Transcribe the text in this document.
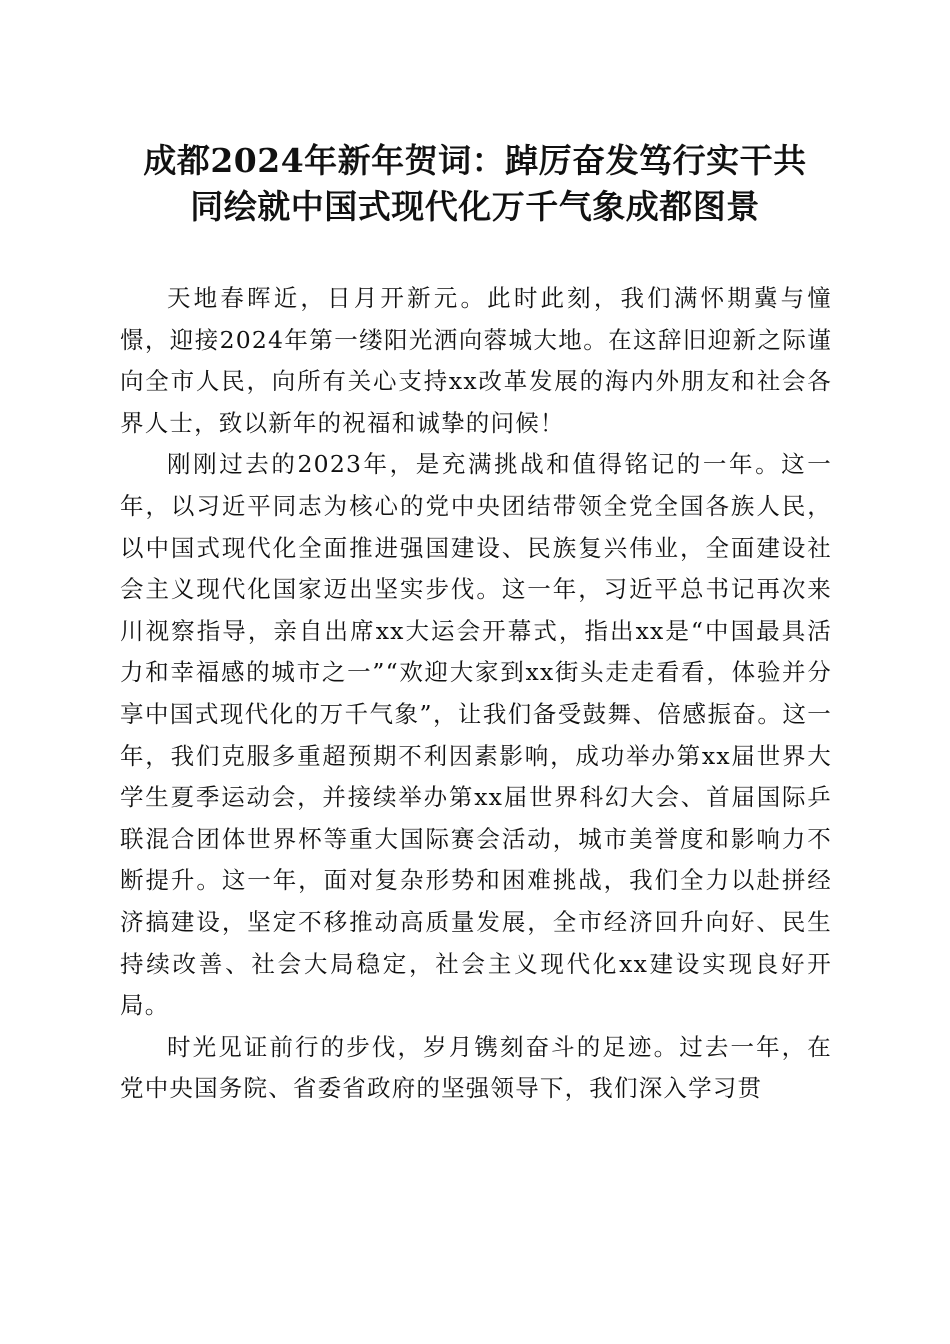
成都2024年新年贺词：踔厉奋发笃行实干共
同绘就中国式现代化万千气象成都图景

天地春晖近，日月开新元。此时此刻，我们满怀期冀与憧憬，迎接2024年第一缕阳光洒向蓉城大地。在这辞旧迎新之际谨向全市人民，向所有关心支持xx改革发展的海内外朋友和社会各界人士，致以新年的祝福和诚挚的问候！

刚刚过去的2023年，是充满挑战和值得铭记的一年。这一年，以习近平同志为核心的党中央团结带领全党全国各族人民，以中国式现代化全面推进强国建设、民族复兴伟业，全面建设社会主义现代化国家迈出坚实步伐。这一年，习近平总书记再次来川视察指导，亲自出席xx大运会开幕式，指出xx是“中国最具活力和幸福感的城市之一”“欢迎大家到xx街头走走看看，体验并分享中国式现代化的万千气象”，让我们备受鼓舞、倍感振奋。这一年，我们克服多重超预期不利因素影响，成功举办第xx届世界大学生夏季运动会，并接续举办第xx届世界科幻大会、首届国际乒联混合团体世界杯等重大国际赛会活动，城市美誉度和影响力不断提升。这一年，面对复杂形势和困难挑战，我们全力以赴拼经济搞建设，坚定不移推动高质量发展，全市经济回升向好、民生持续改善、社会大局稳定，社会主义现代化xx建设实现良好开局。

时光见证前行的步伐，岁月镌刻奋斗的足迹。过去一年，在党中央国务院、省委省政府的坚强领导下，我们深入学习贯
